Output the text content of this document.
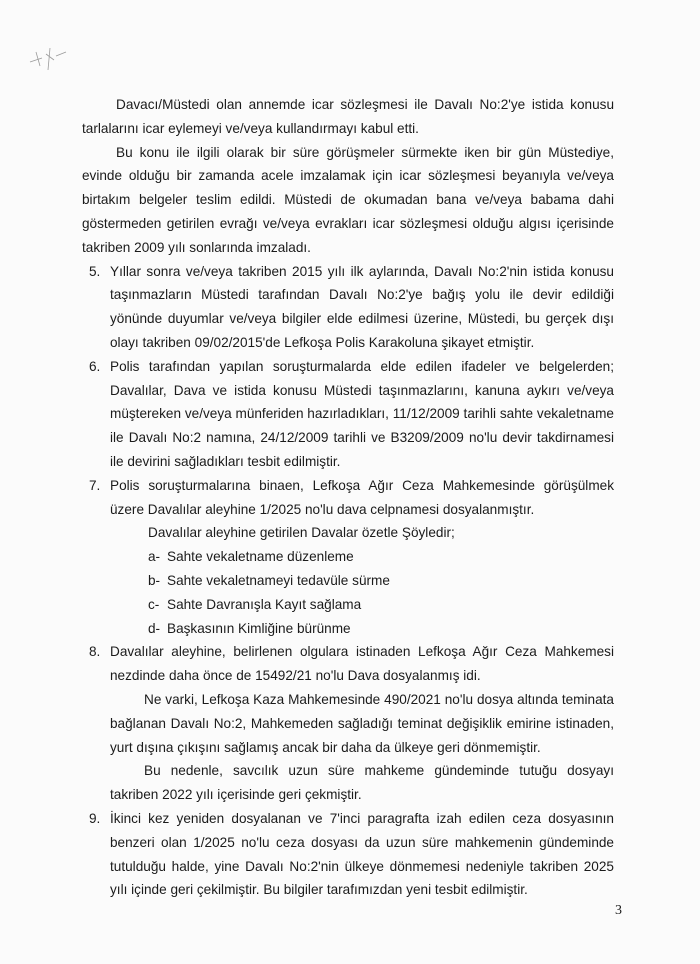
Davacı/Müstedi olan annemde icar sözleşmesi ile Davalı No:2'ye istida konusu tarlalarını icar eylemeyi ve/veya kullandırmayı kabul etti.

Bu konu ile ilgili olarak bir süre görüşmeler sürmekte iken bir gün Müstediye, evinde olduğu bir zamanda acele imzalamak için icar sözleşmesi beyanıyla ve/veya birtakım belgeler teslim edildi. Müstedi de okumadan bana ve/veya babama dahi göstermeden getirilen evrağı ve/veya evrakları icar sözleşmesi olduğu algısı içerisinde takriben 2009 yılı sonlarında imzaladı.

5. Yıllar sonra ve/veya takriben 2015 yılı ilk aylarında, Davalı No:2'nin istida konusu taşınmazların Müstedi tarafından Davalı No:2'ye bağış yolu ile devir edildiği yönünde duyumlar ve/veya bilgiler elde edilmesi üzerine, Müstedi, bu gerçek dışı olayı takriben 09/02/2015'de Lefkoşa Polis Karakoluna şikayet etmiştir.

6. Polis tarafından yapılan soruşturmalarda elde edilen ifadeler ve belgelerden; Davalılar, Dava ve istida konusu Müstedi taşınmazlarını, kanuna aykırı ve/veya müştereken ve/veya münferiden hazırladıkları, 11/12/2009 tarihli sahte vekaletname ile Davalı No:2 namına, 24/12/2009 tarihli ve B3209/2009 no'lu devir takdirnamesi ile devirini sağladıkları tesbit edilmiştir.

7. Polis soruşturmalarına binaen, Lefkoşa Ağır Ceza Mahkemesinde görüşülmek üzere Davalılar aleyhine 1/2025 no'lu dava celpnamesi dosyalanmıştır.

Davalılar aleyhine getirilen Davalar özetle Şöyledir;

a- Sahte vekaletname düzenleme
b- Sahte vekaletnameyi tedavüle sürme
c- Sahte Davranışla Kayıt sağlama
d- Başkasının Kimliğine bürünme
8. Davalılar aleyhine, belirlenen olgulara istinaden Lefkoşa Ağır Ceza Mahkemesi nezdinde daha önce de 15492/21 no'lu Dava dosyalanmış idi.

Ne varki, Lefkoşa Kaza Mahkemesinde 490/2021 no'lu dosya altında teminata bağlanan Davalı No:2, Mahkemeden sağladığı teminat değişiklik emirine istinaden, yurt dışına çıkışını sağlamış ancak bir daha da ülkeye geri dönmemiştir.

Bu nedenle, savcılık uzun süre mahkeme gündeminde tutuğu dosyayı takriben 2022 yılı içerisinde geri çekmiştir.

9. İkinci kez yeniden dosyalanan ve 7'inci paragrafta izah edilen ceza dosyasının benzeri olan 1/2025 no'lu ceza dosyası da uzun süre mahkemenin gündeminde tutulduğu halde, yine Davalı No:2'nin ülkeye dönmemesi nedeniyle takriben 2025 yılı içinde geri çekilmiştir. Bu bilgiler tarafımızdan yeni tesbit edilmiştir.

3
